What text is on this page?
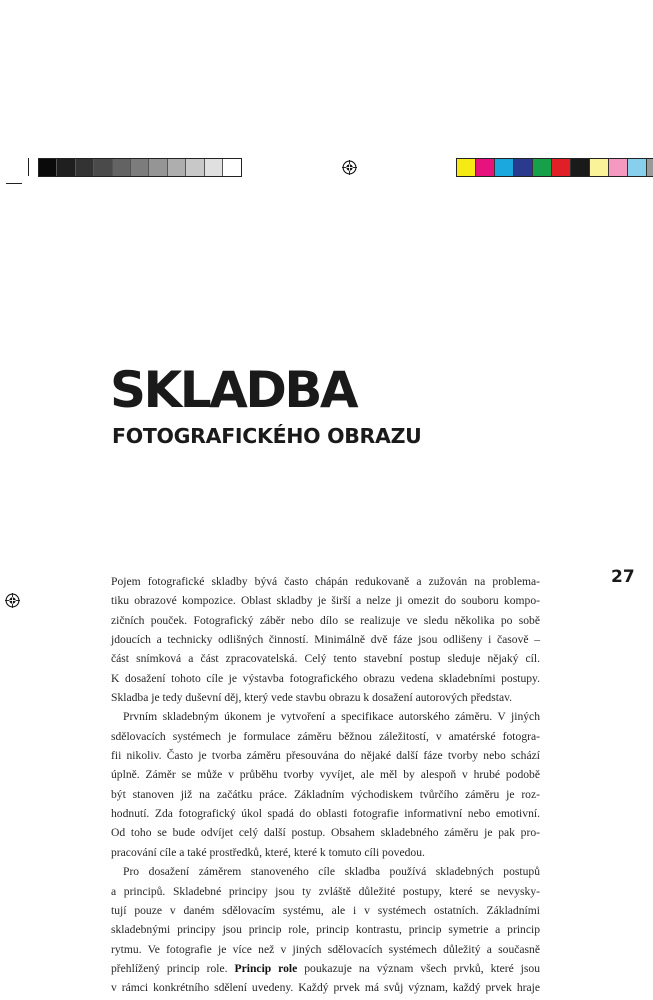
SKLADBA
FOTOGRAFICKÉHO OBRAZU
27

Pojem fotografické skladby bývá často chápán redukovaně a zužován na problema-

tiku obrazové kompozice. Oblast skladby je širší a nelze ji omezit do souboru kompo-

zičních pouček. Fotografický záběr nebo dílo se realizuje ve sledu několika po sobě

jdoucích a technicky odlišných činností. Minimálně dvě fáze jsou odlišeny i časově –

část snímková a část zpracovatelská. Celý tento stavební postup sleduje nějaký cíl.

K dosažení tohoto cíle je výstavba fotografického obrazu vedena skladebními postupy.

Skladba je tedy duševní děj, který vede stavbu obrazu k dosažení autorových představ.

Prvním skladebným úkonem je vytvoření a specifikace autorského záměru. V jiných

sdělovacích systémech je formulace záměru běžnou záležitostí, v amatérské fotogra-

fii nikoliv. Často je tvorba záměru přesouvána do nějaké další fáze tvorby nebo schází

úplně. Záměr se může v průběhu tvorby vyvíjet, ale měl by alespoň v hrubé podobě

být stanoven již na začátku práce. Základním východiskem tvůrčího záměru je roz-

hodnutí. Zda fotografický úkol spadá do oblasti fotografie informativní nebo emotivní.

Od toho se bude odvíjet celý další postup. Obsahem skladebného záměru je pak pro-

pracování cíle a také prostředků, které, které k tomuto cíli povedou.

Pro dosažení záměrem stanoveného cíle skladba používá skladebných postupů

a principů. Skladebné principy jsou ty zvláště důležité postupy, které se nevysky-

tují pouze v daném sdělovacím systému, ale i v systémech ostatních. Základními

skladebnými principy jsou princip role, princip kontrastu, princip symetrie a princip

rytmu. Ve fotografie je více než v jiných sdělovacích systémech důležitý a současně

přehlížený princip role. Princip role poukazuje na význam všech prvků, které jsou

v rámci konkrétního sdělení uvedeny. Každý prvek má svůj význam, každý prvek hraje
